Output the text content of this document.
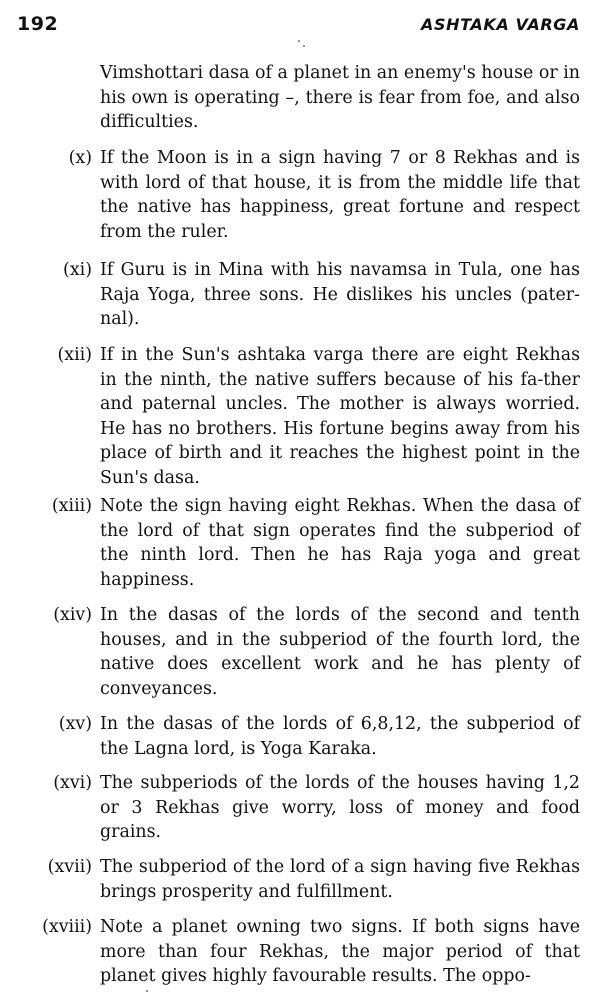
192	ASHTAKA VARGA
Vimshottari dasa of a planet in an enemy's house or in his own is operating –, there is fear from foe, and also difficulties.
(x) If the Moon is in a sign having 7 or 8 Rekhas and is with lord of that house, it is from the middle life that the native has happiness, great fortune and respect from the ruler.
(xi) If Guru is in Mina with his navamsa in Tula, one has Raja Yoga, three sons. He dislikes his uncles (pater-nal).
(xii) If in the Sun's ashtaka varga there are eight Rekhas in the ninth, the native suffers because of his fa-ther and paternal uncles. The mother is always worried. He has no brothers. His fortune begins away from his place of birth and it reaches the highest point in the Sun's dasa.
(xiii) Note the sign having eight Rekhas. When the dasa of the lord of that sign operates find the subperiod of the ninth lord. Then he has Raja yoga and great happiness.
(xiv) In the dasas of the lords of the second and tenth houses, and in the subperiod of the fourth lord, the native does excellent work and he has plenty of conveyances.
(xv) In the dasas of the lords of 6,8,12, the subperiod of the Lagna lord, is Yoga Karaka.
(xvi) The subperiods of the lords of the houses having 1,2 or 3 Rekhas give worry, loss of money and food grains.
(xvii) The subperiod of the lord of a sign having five Rekhas brings prosperity and fulfillment.
(xviii) Note a planet owning two signs. If both signs have more than four Rekhas, the major period of that planet gives highly favourable results. The oppo-
